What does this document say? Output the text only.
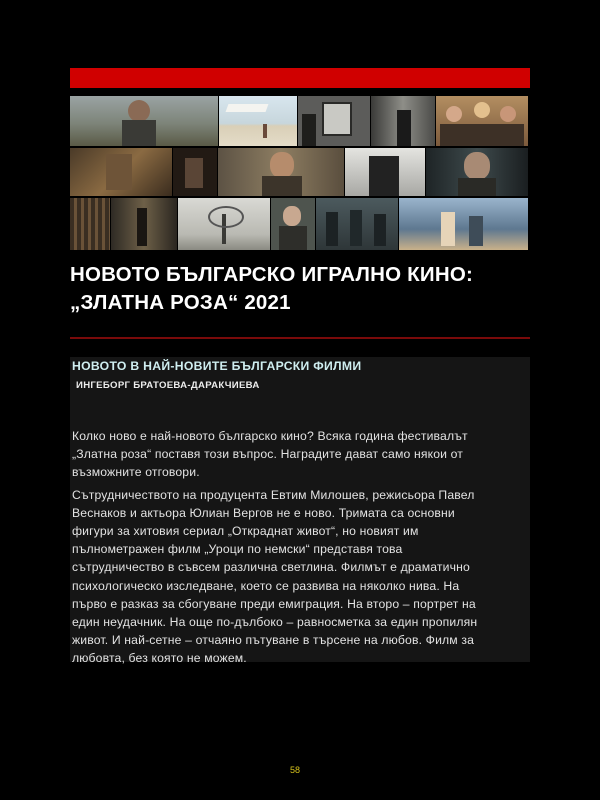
НОВОТО БЪЛГАРСКО ИГРАЛНО КИНО:
„ЗЛАТНА РОЗА“ 2021
НОВОТО В НАЙ-НОВИТЕ БЪЛГАРСКИ ФИЛМИ
ИНГЕБОРГ БРАТОЕВА-ДАРАКЧИЕВА

Колко ново е най-новото българско кино? Всяка година фестивалът
„Златна роза“ поставя този въпрос. Наградите дават само някои от
възможните отговори.

Сътрудничеството на продуцента Евтим Милошев, режисьора Павел
Веснаков и актьора Юлиан Вергов не е ново. Тримата са основни
фигури за хитовия сериал „Откраднат живот“, но новият им
пълнометражен филм „Уроци по немски“ представя това
сътрудничество в съвсем различна светлина. Филмът е драматично
психологическо изследване, което се развива на няколко нива. На
първо е разказ за сбогуване преди емиграция. На второ – портрет на
един неудачник. На още по-дълбоко – равносметка за един пропилян
живот. И най-сетне – отчаяно пътуване в търсене на любов. Филм за
любовта, без която не можем.

58
